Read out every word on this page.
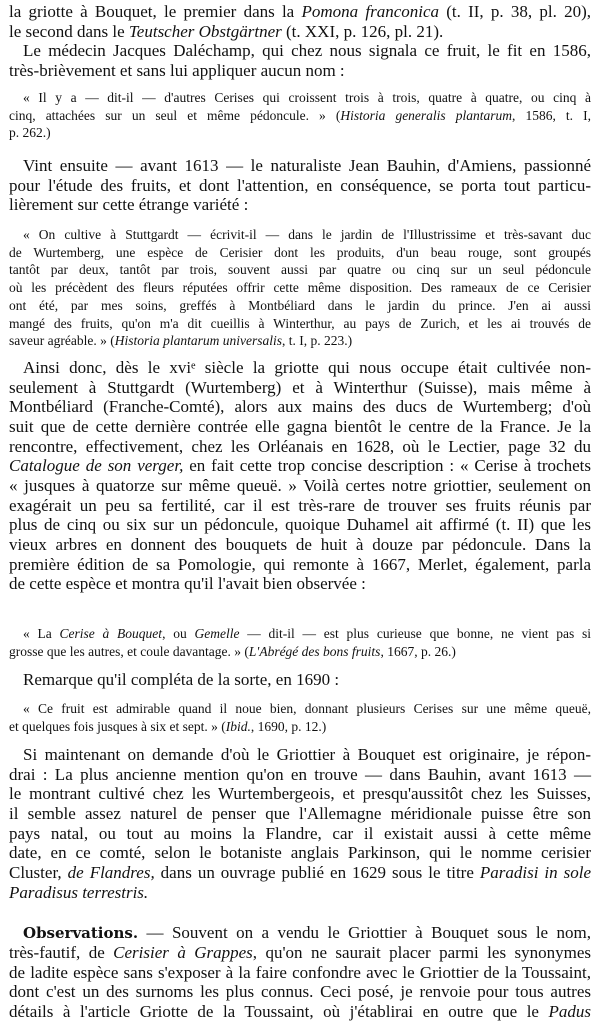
la griotte à Bouquet, le premier dans la Pomona franconica (t. II, p. 38, pl. 20),
le second dans le Teutscher Obstgärtner (t. XXI, p. 126, pl. 21).
Le médecin Jacques Daléchamp, qui chez nous signala ce fruit, le fit en 1586,
très-brièvement et sans lui appliquer aucun nom :
« Il y a — dit-il — d'autres Cerises qui croissent trois à trois, quatre à quatre, ou cinq à
cinq, attachées sur un seul et même pédoncule. » (Historia generalis plantarum, 1586, t. I,
p. 262.)
Vint ensuite — avant 1613 — le naturaliste Jean Bauhin, d'Amiens, passionné
pour l'étude des fruits, et dont l'attention, en conséquence, se porta tout particu-
lièrement sur cette étrange variété :
« On cultive à Stuttgardt — écrivit-il — dans le jardin de l'Illustrissime et très-savant duc
de Wurtemberg, une espèce de Cerisier dont les produits, d'un beau rouge, sont groupés
tantôt par deux, tantôt par trois, souvent aussi par quatre ou cinq sur un seul pédoncule
où les précèdent des fleurs réputées offrir cette même disposition. Des rameaux de ce Cerisier
ont été, par mes soins, greffés à Montbéliard dans le jardin du prince. J'en ai aussi
mangé des fruits, qu'on m'a dit cueillis à Winterthur, au pays de Zurich, et les ai trouvés de
saveur agréable. » (Historia plantarum universalis, t. I, p. 223.)
Ainsi donc, dès le xviᵉ siècle la griotte qui nous occupe était cultivée non-
seulement à Stuttgardt (Wurtemberg) et à Winterthur (Suisse), mais même à
Montbéliard (Franche-Comté), alors aux mains des ducs de Wurtemberg; d'où
suit que de cette dernière contrée elle gagna bientôt le centre de la France. Je la
rencontre, effectivement, chez les Orléanais en 1628, où le Lectier, page 32 du
Catalogue de son verger, en fait cette trop concise description : « Cerise à trochets
« jusques à quatorze sur même queuë. » Voilà certes notre griottier, seulement on
exagérait un peu sa fertilité, car il est très-rare de trouver ses fruits réunis par
plus de cinq ou six sur un pédoncule, quoique Duhamel ait affirmé (t. II) que les
vieux arbres en donnent des bouquets de huit à douze par pédoncule. Dans la
première édition de sa Pomologie, qui remonte à 1667, Merlet, également, parla
de cette espèce et montra qu'il l'avait bien observée :
« La Cerise à Bouquet, ou Gemelle — dit-il — est plus curieuse que bonne, ne vient pas si
grosse que les autres, et coule davantage. » (L'Abrégé des bons fruits, 1667, p. 26.)
Remarque qu'il compléta de la sorte, en 1690 :
« Ce fruit est admirable quand il noue bien, donnant plusieurs Cerises sur une même queuë,
et quelques fois jusques à six et sept. » (Ibid., 1690, p. 12.)
Si maintenant on demande d'où le Griottier à Bouquet est originaire, je répon-
drai : La plus ancienne mention qu'on en trouve — dans Bauhin, avant 1613 —
le montrant cultivé chez les Wurtembergeois, et presqu'aussitôt chez les Suisses,
il semble assez naturel de penser que l'Allemagne méridionale puisse être son
pays natal, ou tout au moins la Flandre, car il existait aussi à cette même
date, en ce comté, selon le botaniste anglais Parkinson, qui le nomme cerisier
Cluster, de Flandres, dans un ouvrage publié en 1629 sous le titre Paradisi in sole
Paradisus terrestris.
Observations. — Souvent on a vendu le Griottier à Bouquet sous le nom,
très-fautif, de Cerisier à Grappes, qu'on ne saurait placer parmi les synonymes
de ladite espèce sans s'exposer à la faire confondre avec le Griottier de la Toussaint,
dont c'est un des surnoms les plus connus. Ceci posé, je renvoie pour tous autres
détails à l'article Griotte de la Toussaint, où j'établirai en outre que le Padus
